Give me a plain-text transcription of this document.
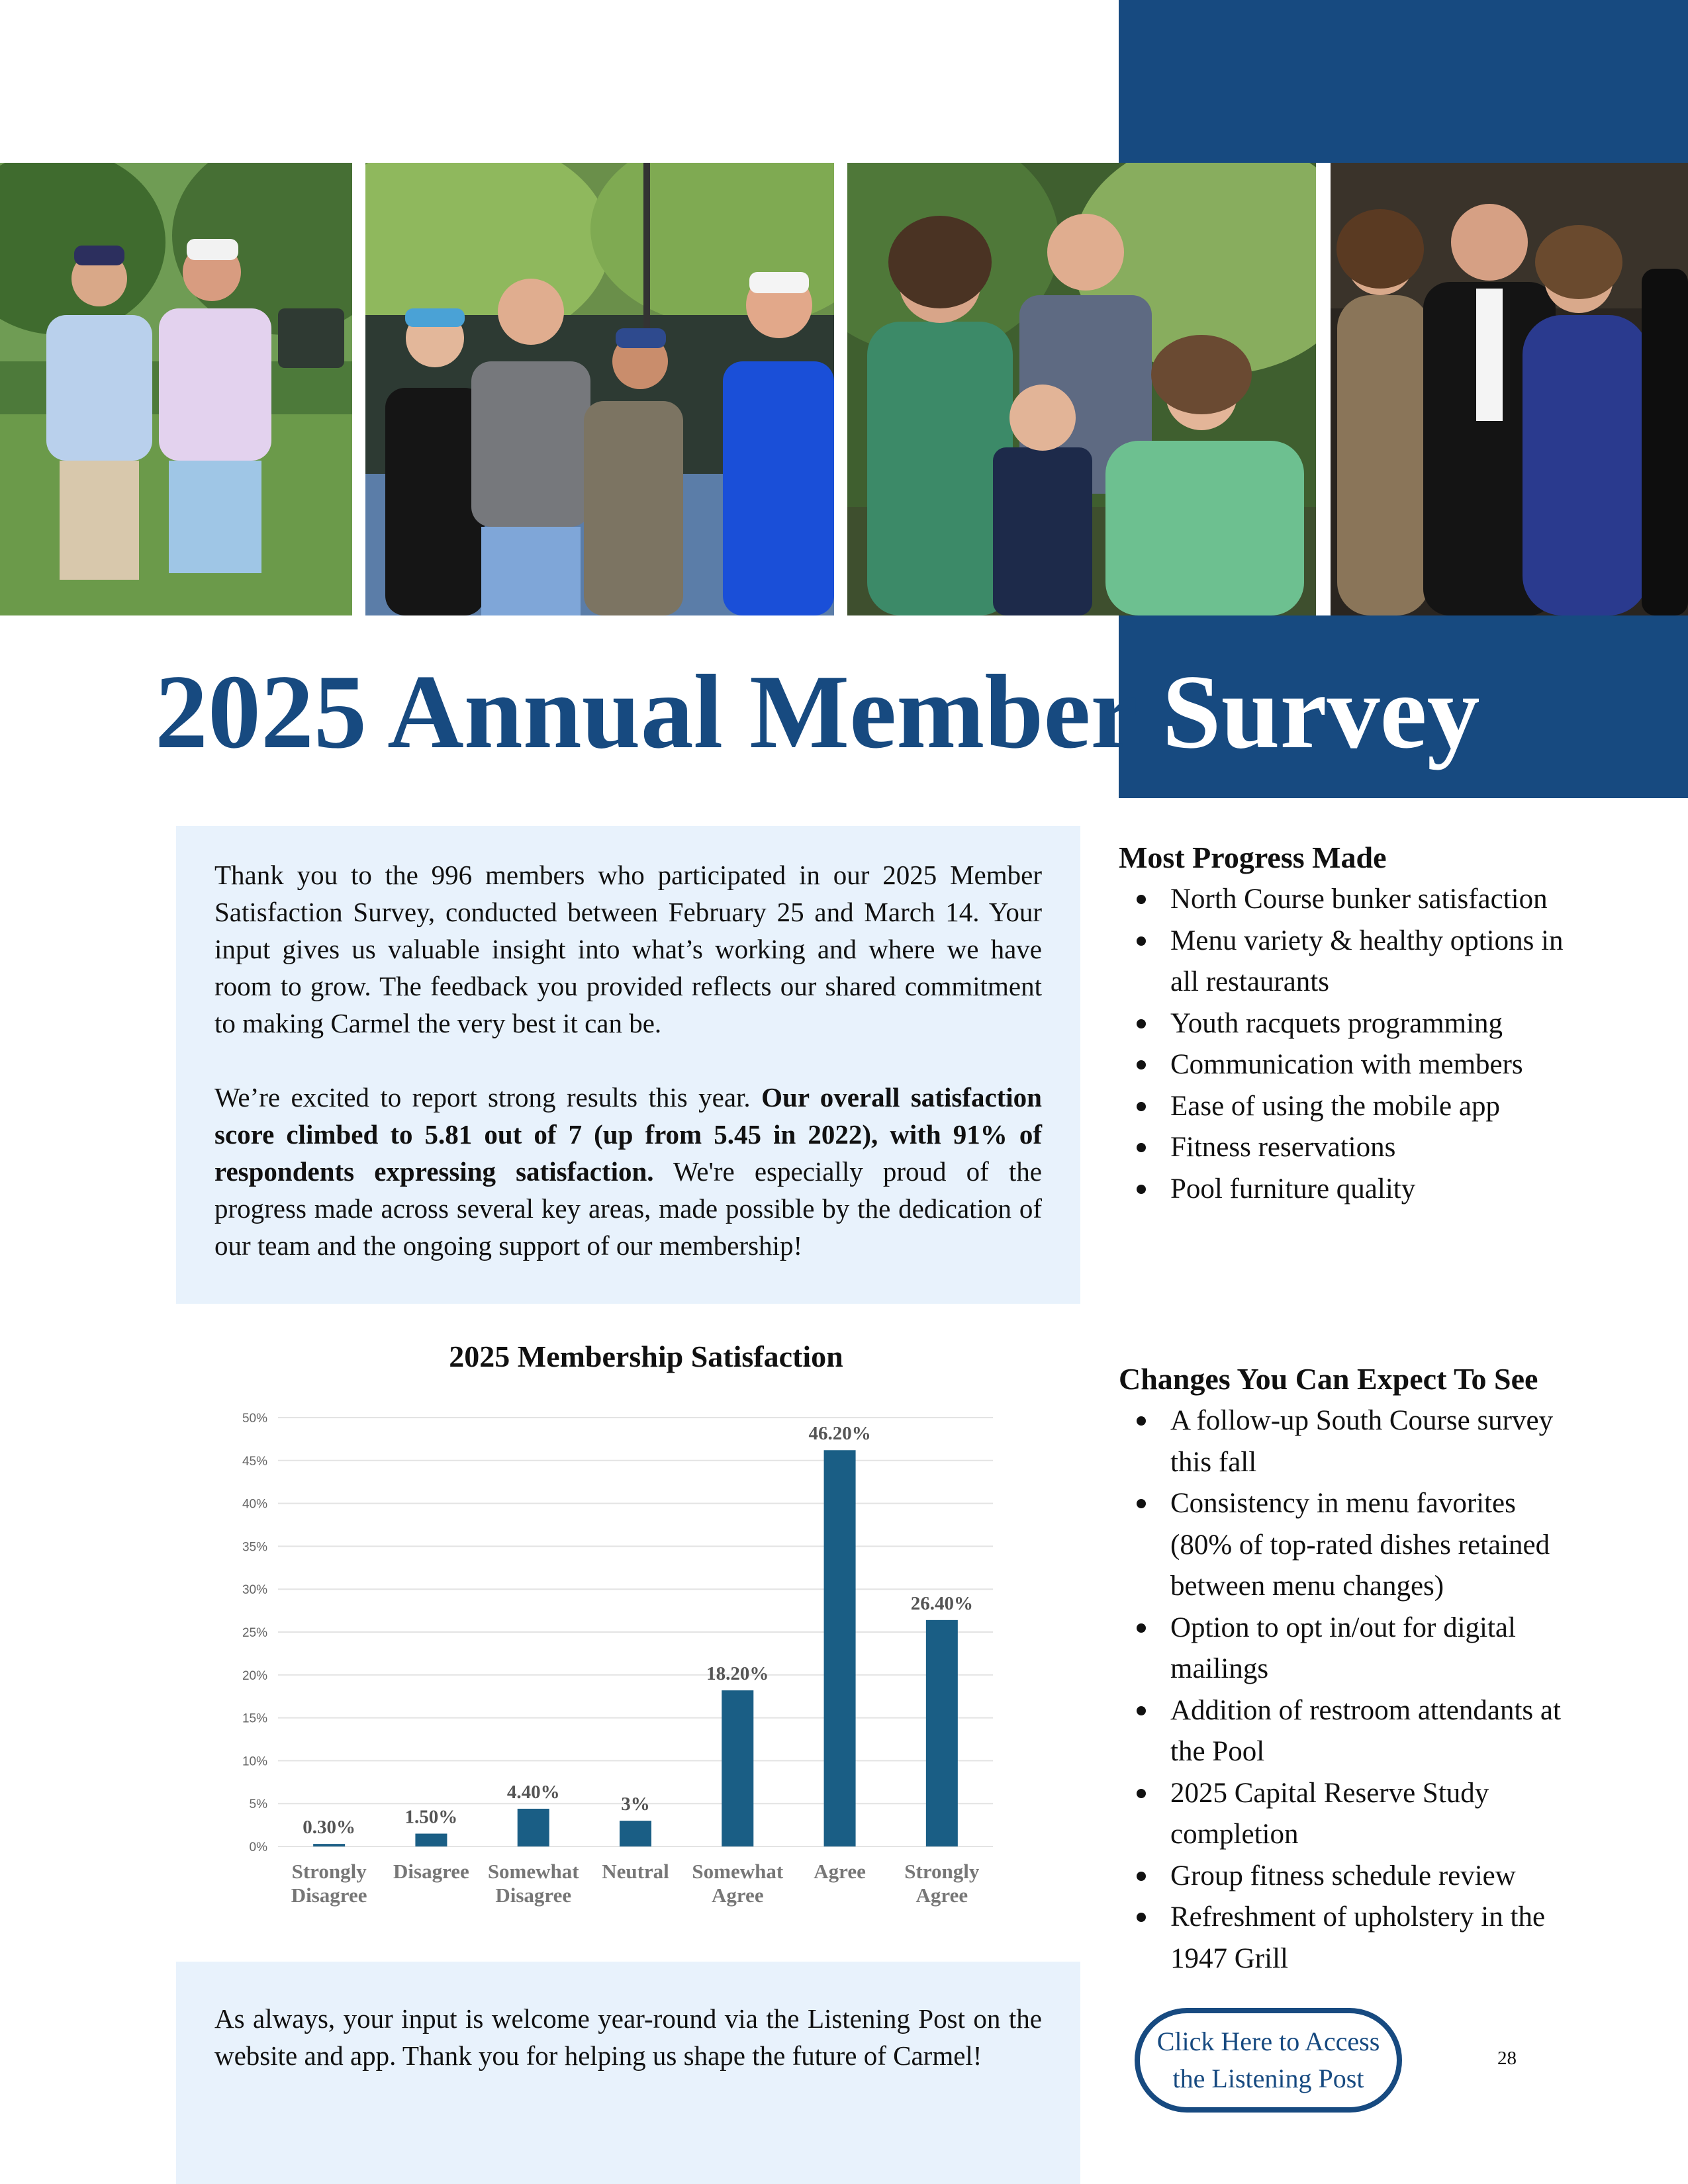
2025 Annual Member Survey

Thank you to the 996 members who participated in our 2025 Member Satisfaction Survey, conducted between February 25 and March 14. Your input gives us valuable insight into what’s working and where we have room to grow. The feedback you provided reflects our shared commitment to making Carmel the very best it can be.

We’re excited to report strong results this year. Our overall satisfaction score climbed to 5.81 out of 7 (up from 5.45 in 2022), with 91% of respondents expressing satisfaction. We're especially proud of the progress made across several key areas, made possible by the dedication of our team and the ongoing support of our membership!

Most Progress Made
North Course bunker satisfaction
Menu variety & healthy options in all restaurants
Youth racquets programming
Communication with members
Ease of using the mobile app
Fitness reservations
Pool furniture quality
Changes You Can Expect To See
A follow-up South Course survey this fall
Consistency in menu favorites (80% of top-rated dishes retained between menu changes)
Option to opt in/out for digital mailings
Addition of restroom attendants at the Pool
2025 Capital Reserve Study completion
Group fitness schedule review
Refreshment of upholstery in the 1947 Grill
2025 Membership Satisfaction
0%
5%
10%
15%
20%
25%
30%
35%
40%
45%
50%
0.30%
Strongly
Disagree
1.50%
Disagree
4.40%
Somewhat
Disagree
3%
Neutral
18.20%
Somewhat
Agree
46.20%
Agree
26.40%
Strongly
Agree

As always, your input is welcome year-round via the Listening Post on the website and app. Thank you for helping us shape the future of Carmel!	Click Here to Access
the Listening Post
28
